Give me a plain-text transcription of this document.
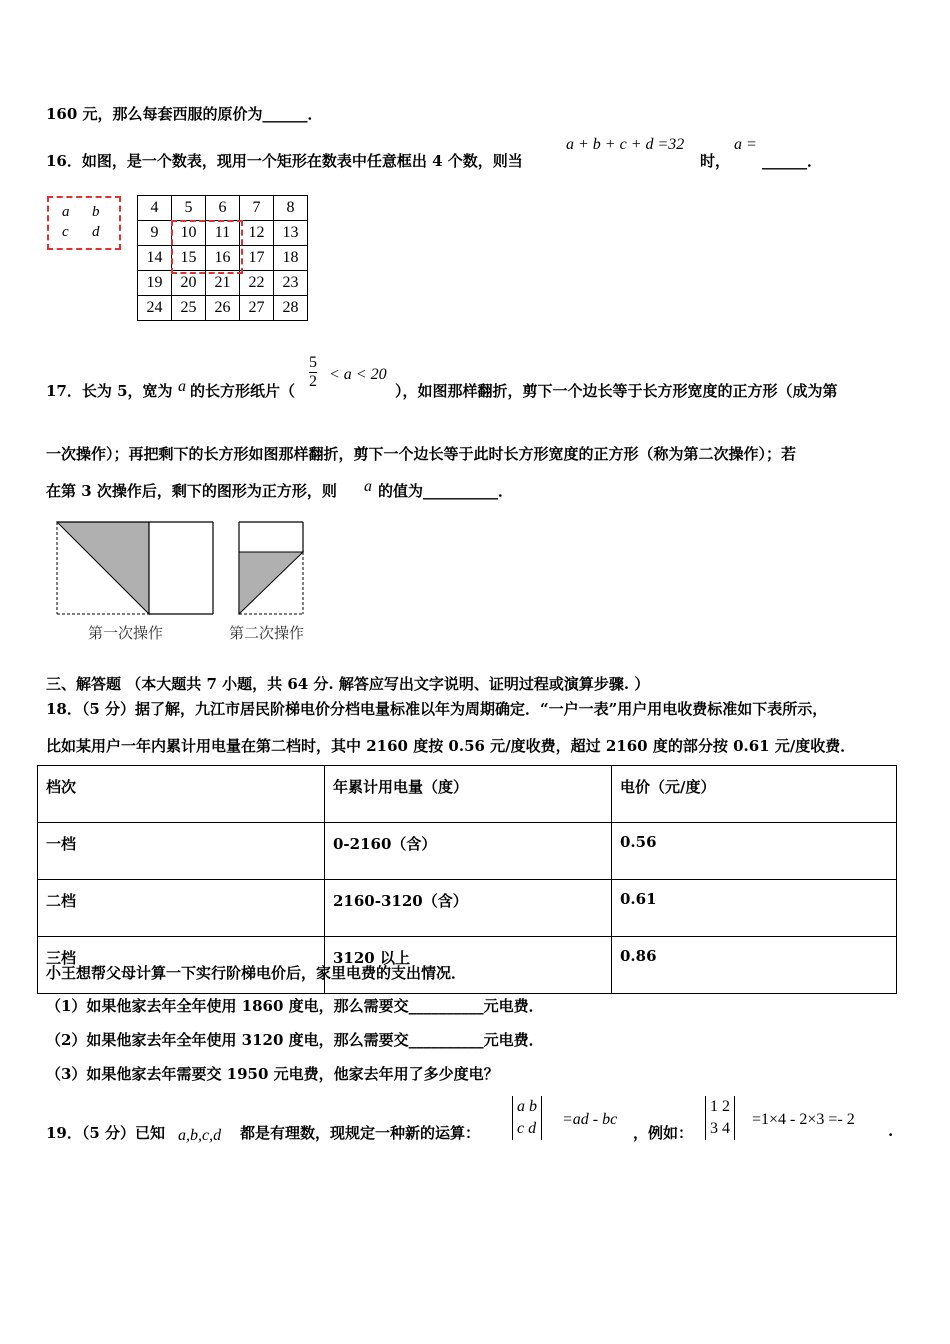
160 元，那么每套西服的原价为______．
16．如图，是一个数表，现用一个矩形在数表中任意框出 4 个数，则当
a + b + c + d =32
时，
a =
______．
a b
c d
4	5	6	7	8
9	10	11	12	13
14	15	16	17	18
19	20	21	22	23
24	25	26	27	28
17．长为 5，宽为 a 的长方形纸片（ $\frac{5}{2} < a < 20$
），如图那样翻折，剪下一个边长等于长方形宽度的正方形（成为第
一次操作）；再把剩下的长方形如图那样翻折，剪下一个边长等于此时长方形宽度的正方形（称为第二次操作）；若
在第 3 次操作后，剩下的图形为正方形，则 a 的值为__________．
第一次操作	第二次操作
三、解答题 （本大题共 7 小题，共 64 分. 解答应写出文字说明、证明过程或演算步骤. ）
18．（5 分）据了解，九江市居民阶梯电价分档电量标准以年为周期确定．“一户一表”用户用电收费标准如下表所示，
比如某用户一年内累计用电量在第二档时，其中 2160 度按 0.56 元/度收费，超过 2160 度的部分按 0.61 元/度收费．
档次	年累计用电量（度）	电价（元/度）
一档	0-2160（含）	0.56
二档	2160-3120（含）	0.61
三档	3120 以上	0.86
小王想帮父母计算一下实行阶梯电价后，家里电费的支出情况．
（1）如果他家去年全年使用 1860 度电，那么需要交__________元电费．
（2）如果他家去年全年使用 3120 度电，那么需要交__________元电费．
（3）如果他家去年需要交 1950 元电费，他家去年用了多少度电？
19．（5 分）已知 a,b,c,d 都是有理数，现规定一种新的运算：
a b
c d
=ad - bc
，例如：
1 2
3 4
=1×4 - 2×3 =- 2
.
